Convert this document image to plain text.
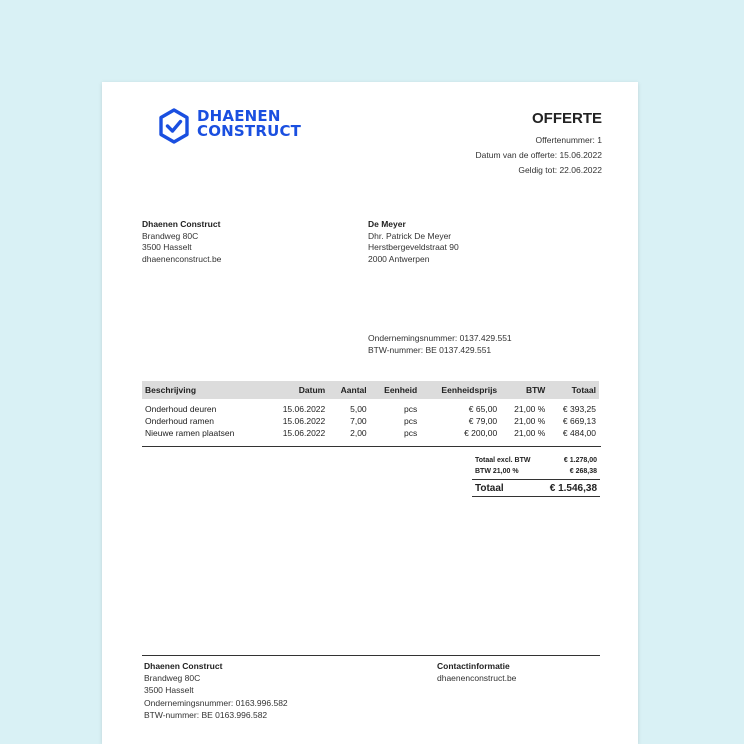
DHAENEN
CONSTRUCT
OFFERTE
Offertenummer: 1
Datum van de offerte: 15.06.2022
Geldig tot: 22.06.2022
Dhaenen Construct
Brandweg 80C
3500 Hasselt
dhaenenconstruct.be
De Meyer
Dhr. Patrick De Meyer
Herstbergeveldstraat 90
2000 Antwerpen
Ondernemingsnummer: 0137.429.551
BTW-nummer: BE 0137.429.551
Beschrijving	Datum	Aantal	Eenheid	Eenheidsprijs	BTW	Totaal
Onderhoud deuren	15.06.2022	5,00	pcs	€ 65,00	21,00 %	€ 393,25
Onderhoud ramen	15.06.2022	7,00	pcs	€ 79,00	21,00 %	€ 669,13
Nieuwe ramen plaatsen	15.06.2022	2,00	pcs	€ 200,00	21,00 %	€ 484,00
Totaal excl. BTW	€ 1.278,00
BTW 21,00 %	€ 268,38
Totaal	€ 1.546,38
Dhaenen Construct
Brandweg 80C
3500 Hasselt
Ondernemingsnummer: 0163.996.582
BTW-nummer: BE 0163.996.582
Contactinformatie
dhaenenconstruct.be
